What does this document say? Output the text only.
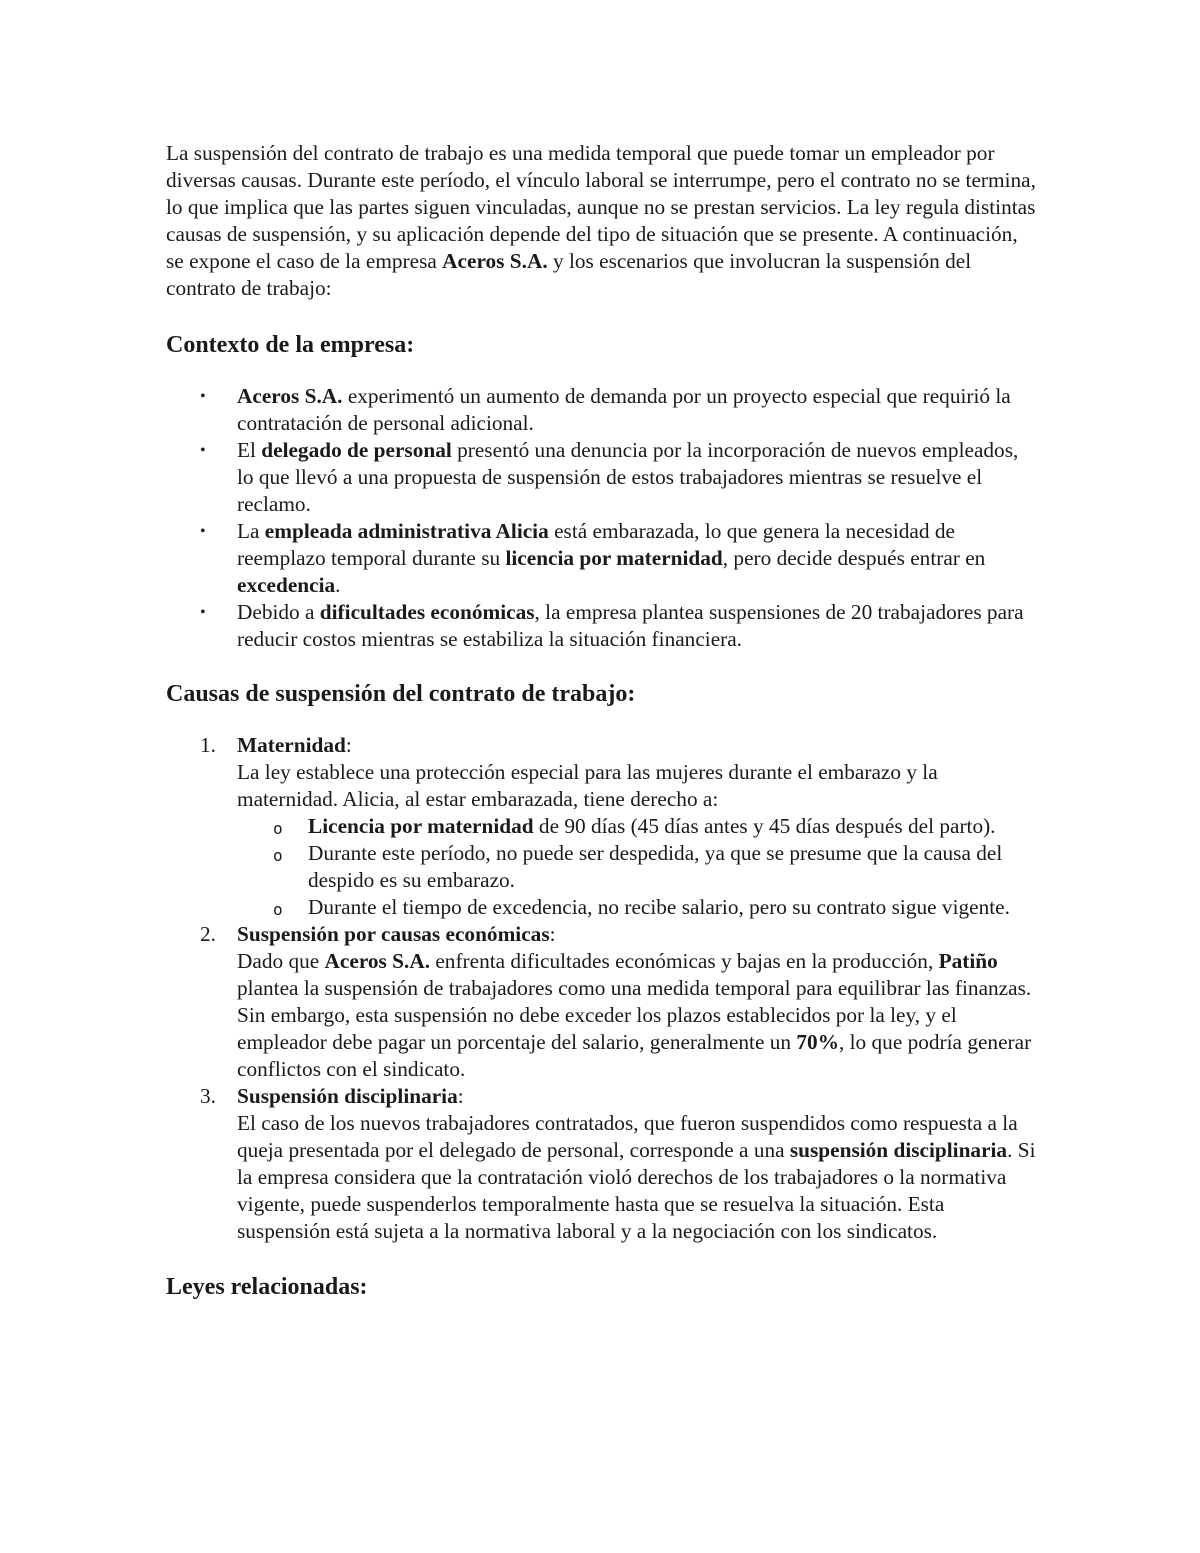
La suspensión del contrato de trabajo es una medida temporal que puede tomar un empleador por diversas causas. Durante este período, el vínculo laboral se interrumpe, pero el contrato no se termina, lo que implica que las partes siguen vinculadas, aunque no se prestan servicios. La ley regula distintas causas de suspensión, y su aplicación depende del tipo de situación que se presente. A continuación, se expone el caso de la empresa Aceros S.A. y los escenarios que involucran la suspensión del contrato de trabajo:

Contexto de la empresa:
• Aceros S.A. experimentó un aumento de demanda por un proyecto especial que requirió la contratación de personal adicional.
• El delegado de personal presentó una denuncia por la incorporación de nuevos empleados, lo que llevó a una propuesta de suspensión de estos trabajadores mientras se resuelve el reclamo.
• La empleada administrativa Alicia está embarazada, lo que genera la necesidad de reemplazo temporal durante su licencia por maternidad, pero decide después entrar en excedencia.
• Debido a dificultades económicas, la empresa plantea suspensiones de 20 trabajadores para reducir costos mientras se estabiliza la situación financiera.
Causas de suspensión del contrato de trabajo:
1. Maternidad:
La ley establece una protección especial para las mujeres durante el embarazo y la maternidad. Alicia, al estar embarazada, tiene derecho a:
o Licencia por maternidad de 90 días (45 días antes y 45 días después del parto).
o Durante este período, no puede ser despedida, ya que se presume que la causa del despido es su embarazo.
o Durante el tiempo de excedencia, no recibe salario, pero su contrato sigue vigente.
2. Suspensión por causas económicas:
Dado que Aceros S.A. enfrenta dificultades económicas y bajas en la producción, Patiño plantea la suspensión de trabajadores como una medida temporal para equilibrar las finanzas. Sin embargo, esta suspensión no debe exceder los plazos establecidos por la ley, y el empleador debe pagar un porcentaje del salario, generalmente un 70%, lo que podría generar conflictos con el sindicato.
3. Suspensión disciplinaria:
El caso de los nuevos trabajadores contratados, que fueron suspendidos como respuesta a la queja presentada por el delegado de personal, corresponde a una suspensión disciplinaria. Si la empresa considera que la contratación violó derechos de los trabajadores o la normativa vigente, puede suspenderlos temporalmente hasta que se resuelva la situación. Esta suspensión está sujeta a la normativa laboral y a la negociación con los sindicatos.
Leyes relacionadas:
